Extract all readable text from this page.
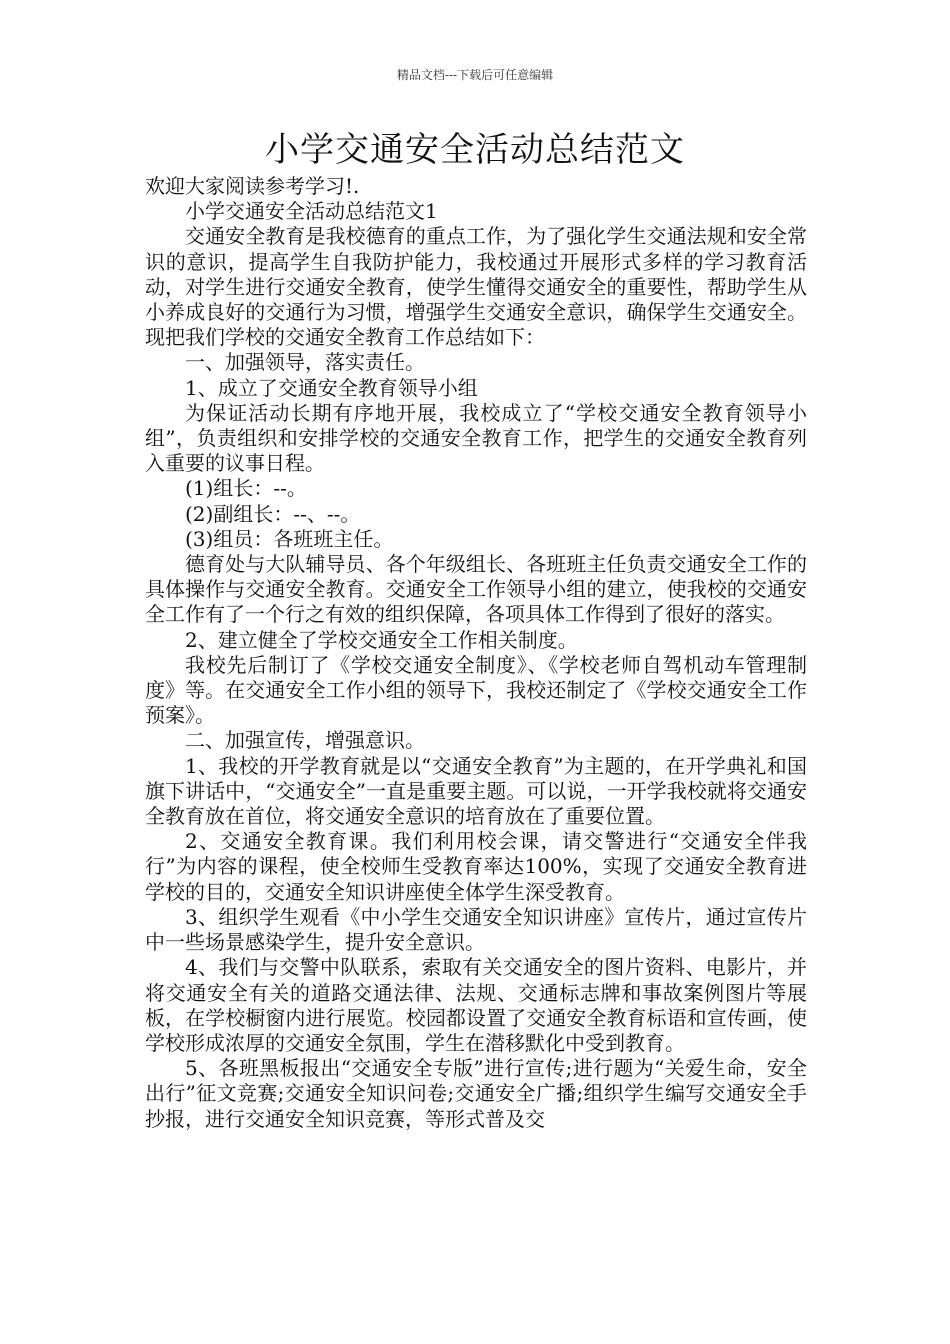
精品文档---下载后可任意编辑
小学交通安全活动总结范文

欢迎大家阅读参考学习!.

小学交通安全活动总结范文1

交通安全教育是我校德育的重点工作，为了强化学生交通法规和安全常识的意识，提高学生自我防护能力，我校通过开展形式多样的学习教育活动，对学生进行交通安全教育，使学生懂得交通安全的重要性，帮助学生从小养成良好的交通行为习惯，增强学生交通安全意识，确保学生交通安全。现把我们学校的交通安全教育工作总结如下：

一、加强领导，落实责任。

1、成立了交通安全教育领导小组

为保证活动长期有序地开展，我校成立了“学校交通安全教育领导小组”，负责组织和安排学校的交通安全教育工作，把学生的交通安全教育列入重要的议事日程。

(1)组长：--。

(2)副组长：--、--。

(3)组员：各班班主任。

德育处与大队辅导员、各个年级组长、各班班主任负责交通安全工作的具体操作与交通安全教育。交通安全工作领导小组的建立，使我校的交通安全工作有了一个行之有效的组织保障，各项具体工作得到了很好的落实。

2、建立健全了学校交通安全工作相关制度。

我校先后制订了《学校交通安全制度》、《学校老师自驾机动车管理制度》等。在交通安全工作小组的领导下，我校还制定了《学校交通安全工作预案》。

二、加强宣传，增强意识。

1、我校的开学教育就是以“交通安全教育”为主题的，在开学典礼和国旗下讲话中，“交通安全”一直是重要主题。可以说，一开学我校就将交通安全教育放在首位，将交通安全意识的培育放在了重要位置。

2、交通安全教育课。我们利用校会课，请交警进行“交通安全伴我行”为内容的课程，使全校师生受教育率达100%，实现了交通安全教育进学校的目的，交通安全知识讲座使全体学生深受教育。

3、组织学生观看《中小学生交通安全知识讲座》宣传片，通过宣传片中一些场景感染学生，提升安全意识。

4、我们与交警中队联系，索取有关交通安全的图片资料、电影片，并将交通安全有关的道路交通法律、法规、交通标志牌和事故案例图片等展板，在学校橱窗内进行展览。校园都设置了交通安全教育标语和宣传画，使学校形成浓厚的交通安全氛围，学生在潜移默化中受到教育。

5、各班黑板报出“交通安全专版”进行宣传;进行题为“关爱生命，安全出行”征文竞赛;交通安全知识问卷;交通安全广播;组织学生编写交通安全手抄报，进行交通安全知识竞赛，等形式普及交
